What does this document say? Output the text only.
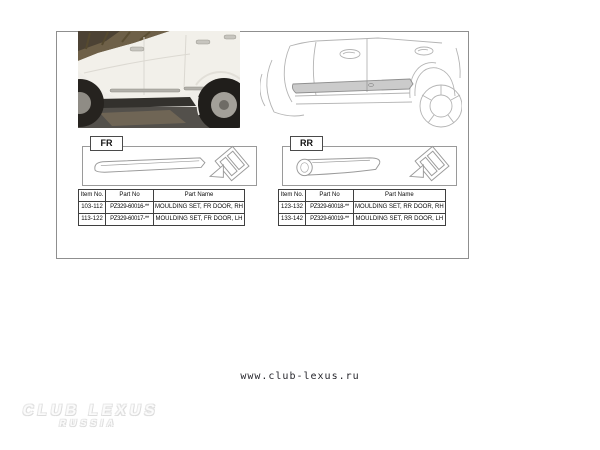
FR	RR
Item No.	Part No	Part Name
103-112	PZ329-60016-**	MOULDING SET, FR DOOR, RH
113-122	PZ329-60017-**	MOULDING SET, FR DOOR, LH
Item No.	Part No	Part Name
123-132	PZ329-60018-**	MOULDING SET, RR DOOR, RH
133-142	PZ329-60019-**	MOULDING SET, RR DOOR, LH
www.club-lexus.ru
CLUB LEXUS
RUSSIA
